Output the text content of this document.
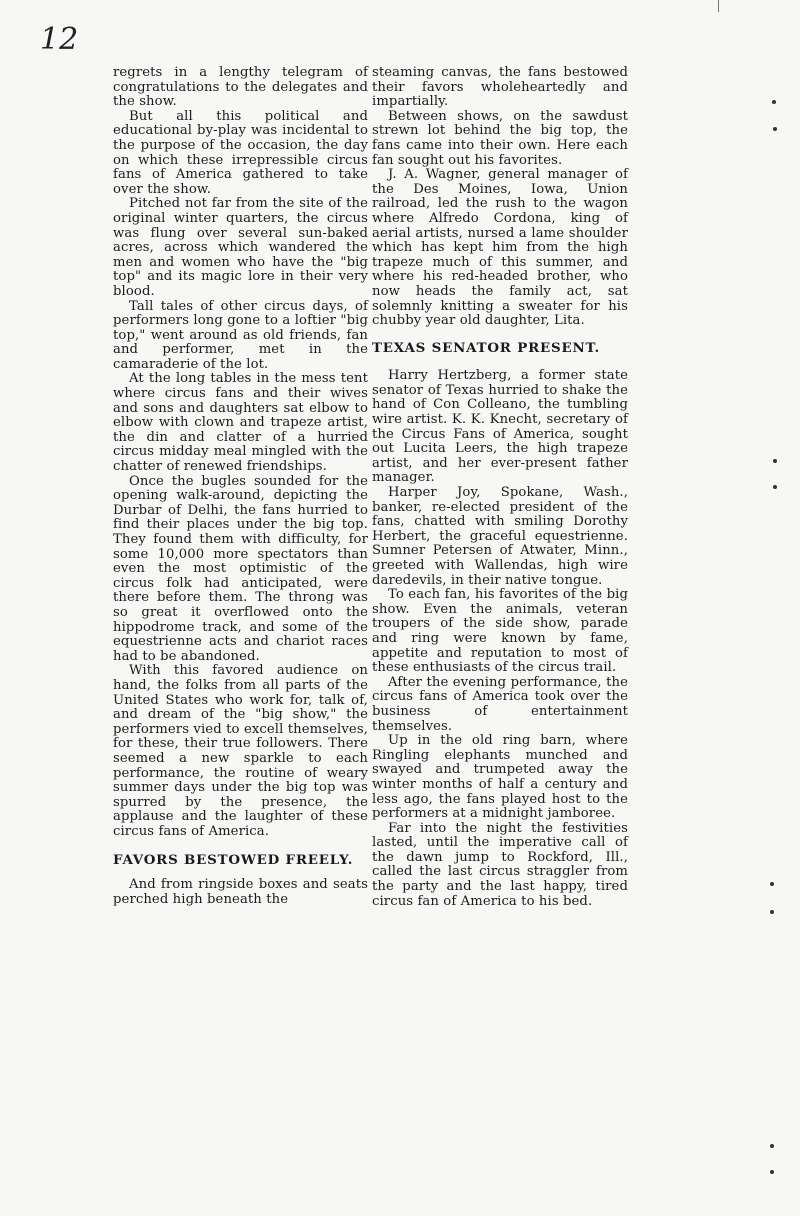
12

regrets in a lengthy telegram of congratulations to the delegates and the show.

But all this political and educational by-play was incidental to the purpose of the occasion, the day on which these irrepressible circus fans of America gathered to take over the show.

Pitched not far from the site of the original winter quarters, the circus was flung over several sun-baked acres, across which wandered the men and women who have the "big top" and its magic lore in their very blood.

Tall tales of other circus days, of performers long gone to a loftier "big top," went around as old friends, fan and performer, met in the camaraderie of the lot.

At the long tables in the mess tent where circus fans and their wives and sons and daughters sat elbow to elbow with clown and trapeze artist, the din and clatter of a hurried circus midday meal mingled with the chatter of renewed friendships.

Once the bugles sounded for the opening walk-around, depicting the Durbar of Delhi, the fans hurried to find their places under the big top. They found them with difficulty, for some 10,000 more spectators than even the most optimistic of the circus folk had anticipated, were there before them. The throng was so great it overflowed onto the hippodrome track, and some of the equestrienne acts and chariot races had to be abandoned.

With this favored audience on hand, the folks from all parts of the United States who work for, talk of, and dream of the "big show," the performers vied to excell themselves, for these, their true followers. There seemed a new sparkle to each performance, the routine of weary summer days under the big top was spurred by the presence, the applause and the laughter of these circus fans of America.

FAVORS BESTOWED FREELY.

And from ringside boxes and seats perched high beneath the

steaming canvas, the fans bestowed their favors wholeheartedly and impartially.

Between shows, on the sawdust strewn lot behind the big top, the fans came into their own. Here each fan sought out his favorites.

J. A. Wagner, general manager of the Des Moines, Iowa, Union railroad, led the rush to the wagon where Alfredo Cordona, king of aerial artists, nursed a lame shoulder which has kept him from the high trapeze much of this summer, and where his red-headed brother, who now heads the family act, sat solemnly knitting a sweater for his chubby year old daughter, Lita.

TEXAS SENATOR PRESENT.

Harry Hertzberg, a former state senator of Texas hurried to shake the hand of Con Colleano, the tumbling wire artist. K. K. Knecht, secretary of the Circus Fans of America, sought out Lucita Leers, the high trapeze artist, and her ever-present father manager.

Harper Joy, Spokane, Wash., banker, re-elected president of the fans, chatted with smiling Dorothy Herbert, the graceful equestrienne. Sumner Petersen of Atwater, Minn., greeted with Wallendas, high wire daredevils, in their native tongue.

To each fan, his favorites of the big show. Even the animals, veteran troupers of the side show, parade and ring were known by fame, appetite and reputation to most of these enthusiasts of the circus trail.

After the evening performance, the circus fans of America took over the business of entertainment themselves.

Up in the old ring barn, where Ringling elephants munched and swayed and trumpeted away the winter months of half a century and less ago, the fans played host to the performers at a midnight jamboree.

Far into the night the festivities lasted, until the imperative call of the dawn jump to Rockford, Ill., called the last circus straggler from the party and the last happy, tired circus fan of America to his bed.
